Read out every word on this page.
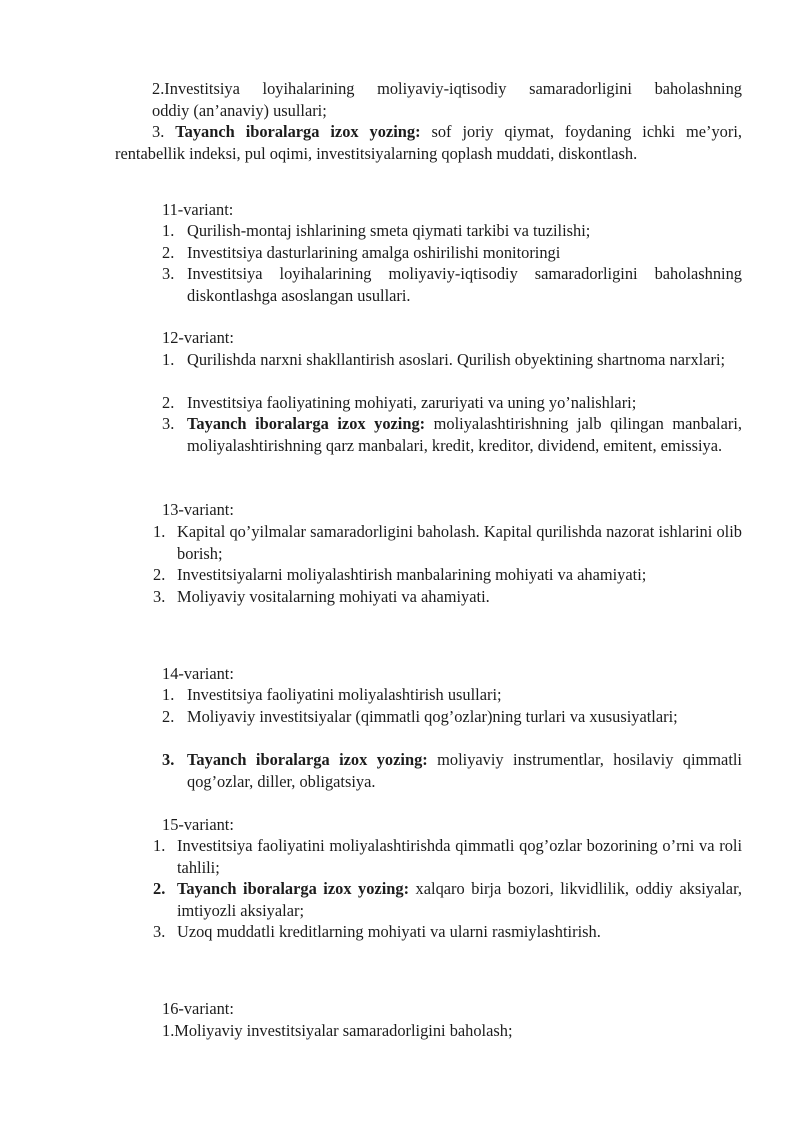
2.Investitsiya loyihalarining moliyaviy-iqtisodiy samaradorligini baholashning
oddiy (an’anaviy) usullari;
3. Tayanch iboralarga izox yozing: sof joriy qiymat, foydaning ichki me’yori, rentabellik indeksi, pul oqimi, investitsiyalarning qoplash muddati, diskontlash.
11-variant:
1. Qurilish-montaj ishlarining smeta qiymati tarkibi va tuzilishi;
2. Investitsiya dasturlarining amalga oshirilishi monitoringi
3. Investitsiya loyihalarining moliyaviy-iqtisodiy samaradorligini baholashning diskontlashga asoslangan usullari.
12-variant:
1. Qurilishda narxni shakllantirish asoslari. Qurilish obyektining shartnoma narxlari;
2. Investitsiya faoliyatining mohiyati, zaruriyati va uning yo’nalishlari;
3. Tayanch iboralarga izox yozing: moliyalashtirishning jalb qilingan manbalari, moliyalashtirishning qarz manbalari, kredit, kreditor, dividend, emitent, emissiya.
13-variant:
1. Kapital qo’yilmalar samaradorligini baholash. Kapital qurilishda nazorat ishlarini olib borish;
2. Investitsiyalarni moliyalashtirish manbalarining mohiyati va ahamiyati;
3. Moliyaviy vositalarning mohiyati va ahamiyati.
14-variant:
1. Investitsiya faoliyatini moliyalashtirish usullari;
2. Moliyaviy investitsiyalar (qimmatli qog’ozlar)ning turlari va xususiyatlari;
3. Tayanch iboralarga izox yozing: moliyaviy instrumentlar, hosilaviy qimmatli qog’ozlar, diller, obligatsiya.
15-variant:
1. Investitsiya faoliyatini moliyalashtirishda qimmatli qog’ozlar bozorining o’rni va roli tahlili;
2. Tayanch iboralarga izox yozing: xalqaro birja bozori, likvidlilik, oddiy aksiyalar, imtiyozli aksiyalar;
3. Uzoq muddatli kreditlarning mohiyati va ularni rasmiylashtirish.
16-variant:
1.Moliyaviy investitsiyalar samaradorligini baholash;
